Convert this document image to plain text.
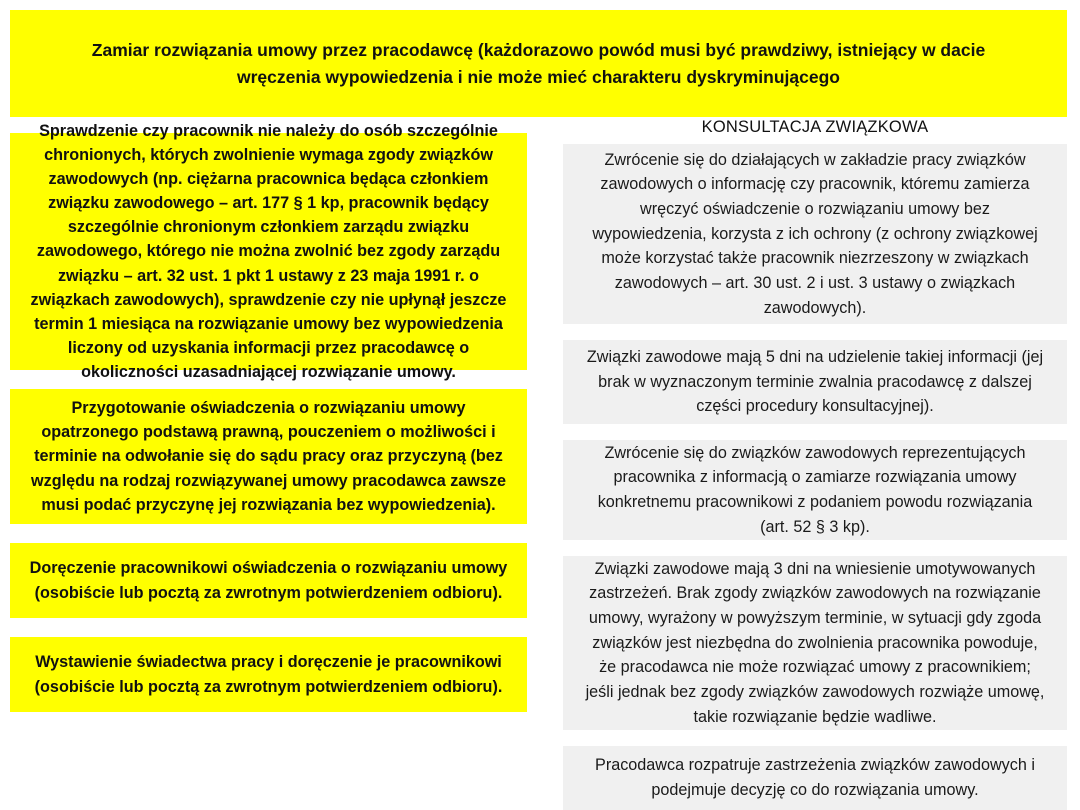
Zamiar rozwiązania umowy przez pracodawcę (każdorazowo powód musi być prawdziwy, istniejący w dacie wręczenia wypowiedzenia i nie może mieć charakteru dyskryminującego

Sprawdzenie czy pracownik nie należy do osób szczególnie chronionych, których zwolnienie wymaga zgody związków zawodowych (np. ciężarna pracownica będąca członkiem związku zawodowego – art. 177 § 1 kp, pracownik będący szczególnie chronionym członkiem zarządu związku zawodowego, którego nie można zwolnić bez zgody zarządu związku – art. 32 ust. 1 pkt 1 ustawy z 23 maja 1991 r. o związkach zawodowych), sprawdzenie czy nie upłynął jeszcze termin 1 miesiąca na rozwiązanie umowy bez wypowiedzenia liczony od uzyskania informacji przez pracodawcę o okoliczności uzasadniającej rozwiązanie umowy.

Przygotowanie oświadczenia o rozwiązaniu umowy opatrzonego podstawą prawną, pouczeniem o możliwości i terminie na odwołanie się do sądu pracy oraz przyczyną (bez względu na rodzaj rozwiązywanej umowy pracodawca zawsze musi podać przyczynę jej rozwiązania bez wypowiedzenia).

Doręczenie pracownikowi oświadczenia o rozwiązaniu umowy (osobiście lub pocztą za zwrotnym potwierdzeniem odbioru).

Wystawienie świadectwa pracy i doręczenie je pracownikowi (osobiście lub pocztą za zwrotnym potwierdzeniem odbioru).

KONSULTACJA ZWIĄZKOWA

Zwrócenie się do działających w zakładzie pracy związków zawodowych o informację czy pracownik, któremu zamierza wręczyć oświadczenie o rozwiązaniu umowy bez wypowiedzenia, korzysta z ich ochrony (z ochrony związkowej może korzystać także pracownik niezrzeszony w związkach zawodowych – art. 30 ust. 2 i ust. 3 ustawy o związkach zawodowych).

Związki zawodowe mają 5 dni na udzielenie takiej informacji (jej brak w wyznaczonym terminie zwalnia pracodawcę z dalszej części procedury konsultacyjnej).

Zwrócenie się do związków zawodowych reprezentujących pracownika z informacją o zamiarze rozwiązania umowy konkretnemu pracownikowi z podaniem powodu rozwiązania (art. 52 § 3 kp).

Związki zawodowe mają 3 dni na wniesienie umotywowanych zastrzeżeń. Brak zgody związków zawodowych na rozwiązanie umowy, wyrażony w powyższym terminie, w sytuacji gdy zgoda związków jest niezbędna do zwolnienia pracownika powoduje, że pracodawca nie może rozwiązać umowy z pracownikiem; jeśli jednak bez zgody związków zawodowych rozwiąże umowę, takie rozwiązanie będzie wadliwe.

Pracodawca rozpatruje zastrzeżenia związków zawodowych i podejmuje decyzję co do rozwiązania umowy.
